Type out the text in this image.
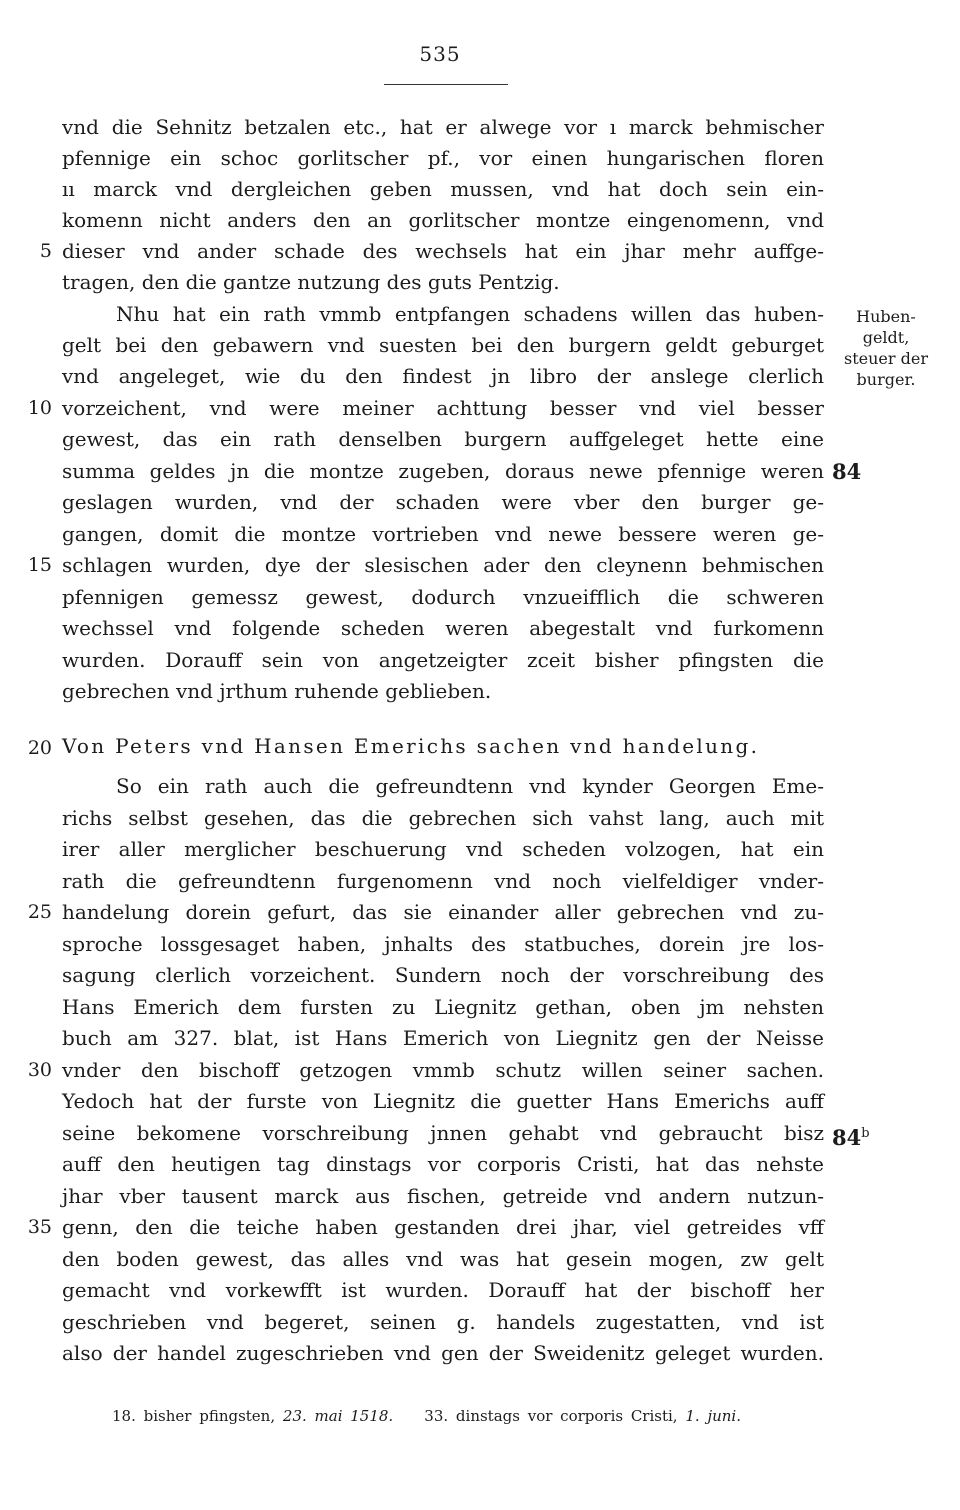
535
vnd die Sehnitz betzalen etc., hat er alwege vor ı marck behmischer
pfennige ein schoc gorlitscher pf., vor einen hungarischen floren
ıı marck vnd dergleichen geben mussen, vnd hat doch sein ein-
komenn nicht anders den an gorlitscher montze eingenomenn, vnd
dieser vnd ander schade des wechsels hat ein jhar mehr auffge-
tragen, den die gantze nutzung des guts Pentzig.
Nhu hat ein rath vmmb entpfangen schadens willen das huben-
gelt bei den gebawern vnd suesten bei den burgern geldt geburget
vnd angeleget, wie du den findest jn libro der anslege clerlich
vorzeichent, vnd were meiner achttung besser vnd viel besser
gewest, das ein rath denselben burgern auffgeleget hette eine
summa geldes jn die montze zugeben, doraus newe pfennige weren
geslagen wurden, vnd der schaden were vber den burger ge-
gangen, domit die montze vortrieben vnd newe bessere weren ge-
schlagen wurden, dye der slesischen ader den cleynenn behmischen
pfennigen gemessz gewest, dodurch vnzueifflich die schweren
wechssel vnd folgende scheden weren abegestalt vnd furkomenn
wurden. Dorauff sein von angetzeigter zceit bisher pfingsten die
gebrechen vnd jrthum ruhende geblieben.
Von Peters vnd Hansen Emerichs sachen vnd handelung.
So ein rath auch die gefreundtenn vnd kynder Georgen Eme-
richs selbst gesehen, das die gebrechen sich vahst lang, auch mit
irer aller merglicher beschuerung vnd scheden volzogen, hat ein
rath die gefreundtenn furgenomenn vnd noch vielfeldiger vnder-
handelung dorein gefurt, das sie einander aller gebrechen vnd zu-
sproche lossgesaget haben, jnhalts des statbuches, dorein jre los-
sagung clerlich vorzeichent. Sundern noch der vorschreibung des
Hans Emerich dem fursten zu Liegnitz gethan, oben jm nehsten
buch am 327. blat, ist Hans Emerich von Liegnitz gen der Neisse
vnder den bischoff getzogen vmmb schutz willen seiner sachen.
Yedoch hat der furste von Liegnitz die guetter Hans Emerichs auff
seine bekomene vorschreibung jnnen gehabt vnd gebraucht bisz
auff den heutigen tag dinstags vor corporis Cristi, hat das nehste
jhar vber tausent marck aus fischen, getreide vnd andern nutzun-
genn, den die teiche haben gestanden drei jhar, viel getreides vff
den boden gewest, das alles vnd was hat gesein mogen, zw gelt
gemacht vnd vorkewfft ist wurden. Dorauff hat der bischoff her
geschrieben vnd begeret, seinen g. handels zugestatten, vnd ist
also der handel zugeschrieben vnd gen der Sweidenitz geleget wurden.
5
10
15
20
25
30
35
Huben-
geldt,
steuer der
burger.
84
84$^b$
18. bisher pfingsten, 23. mai 1518. 33. dinstags vor corporis Cristi, 1. juni.
